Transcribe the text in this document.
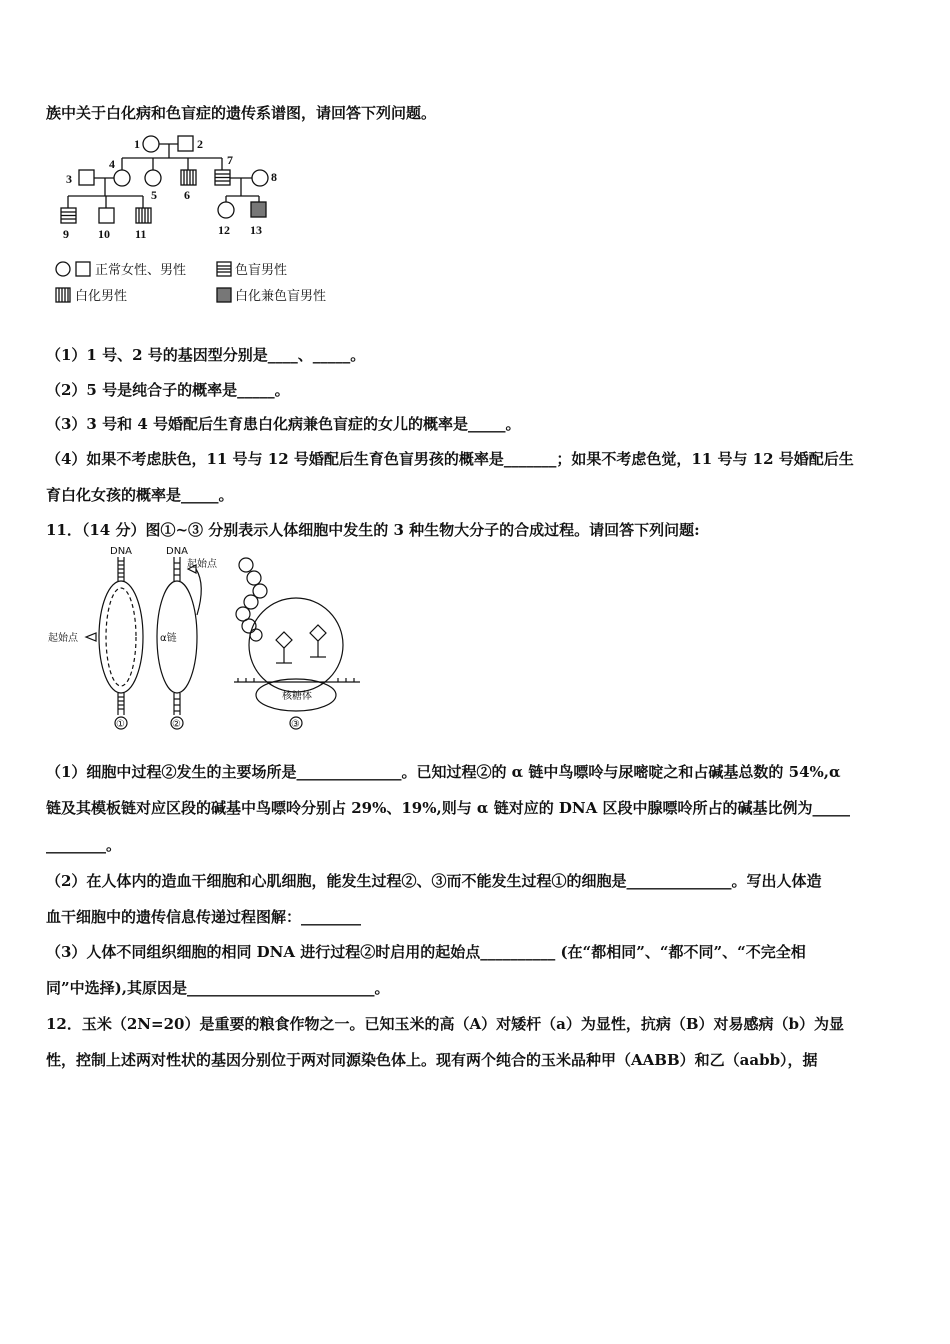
族中关于白化病和色盲症的遗传系谱图，请回答下列问题。
1	2
3
4
5 6
7
8
9 10 11	12 13
正常女性、男性	色盲男性
白化男性	白化兼色盲男性
（1）1 号、2 号的基因型分别是____、_____。
（2）5 号是纯合子的概率是_____。
（3）3 号和 4 号婚配后生育患白化病兼色盲症的女儿的概率是_____。
（4）如果不考虑肤色，11 号与 12 号婚配后生育色盲男孩的概率是_______；如果不考虑色觉，11 号与 12 号婚配后生
育白化女孩的概率是_____。
11．（14 分）图①~③ 分别表示人体细胞中发生的 3 种生物大分子的合成过程。请回答下列问题:
DNA	DNA
起始点
起始点
α链
核糖体
①	②	③
（1）细胞中过程②发生的主要场所是______________。已知过程②的 α 链中鸟嘌呤与尿嘧啶之和占碱基总数的 54%,α
链及其模板链对应区段的碱基中鸟嘌呤分别占 29%、19%,则与 α 链对应的 DNA 区段中腺嘌呤所占的碱基比例为_____
________。
（2）在人体内的造血干细胞和心肌细胞，能发生过程②、③而不能发生过程①的细胞是______________。写出人体造
血干细胞中的遗传信息传递过程图解：________
（3）人体不同组织细胞的相同 DNA 进行过程②时启用的起始点__________ (在“都相同”、“都不同”、“不完全相
同”中选择),其原因是_________________________。
12．玉米（2N=20）是重要的粮食作物之一。已知玉米的高（A）对矮杆（a）为显性，抗病（B）对易感病（b）为显
性，控制上述两对性状的基因分别位于两对同源染色体上。现有两个纯合的玉米品种甲（AABB）和乙（aabb），据
